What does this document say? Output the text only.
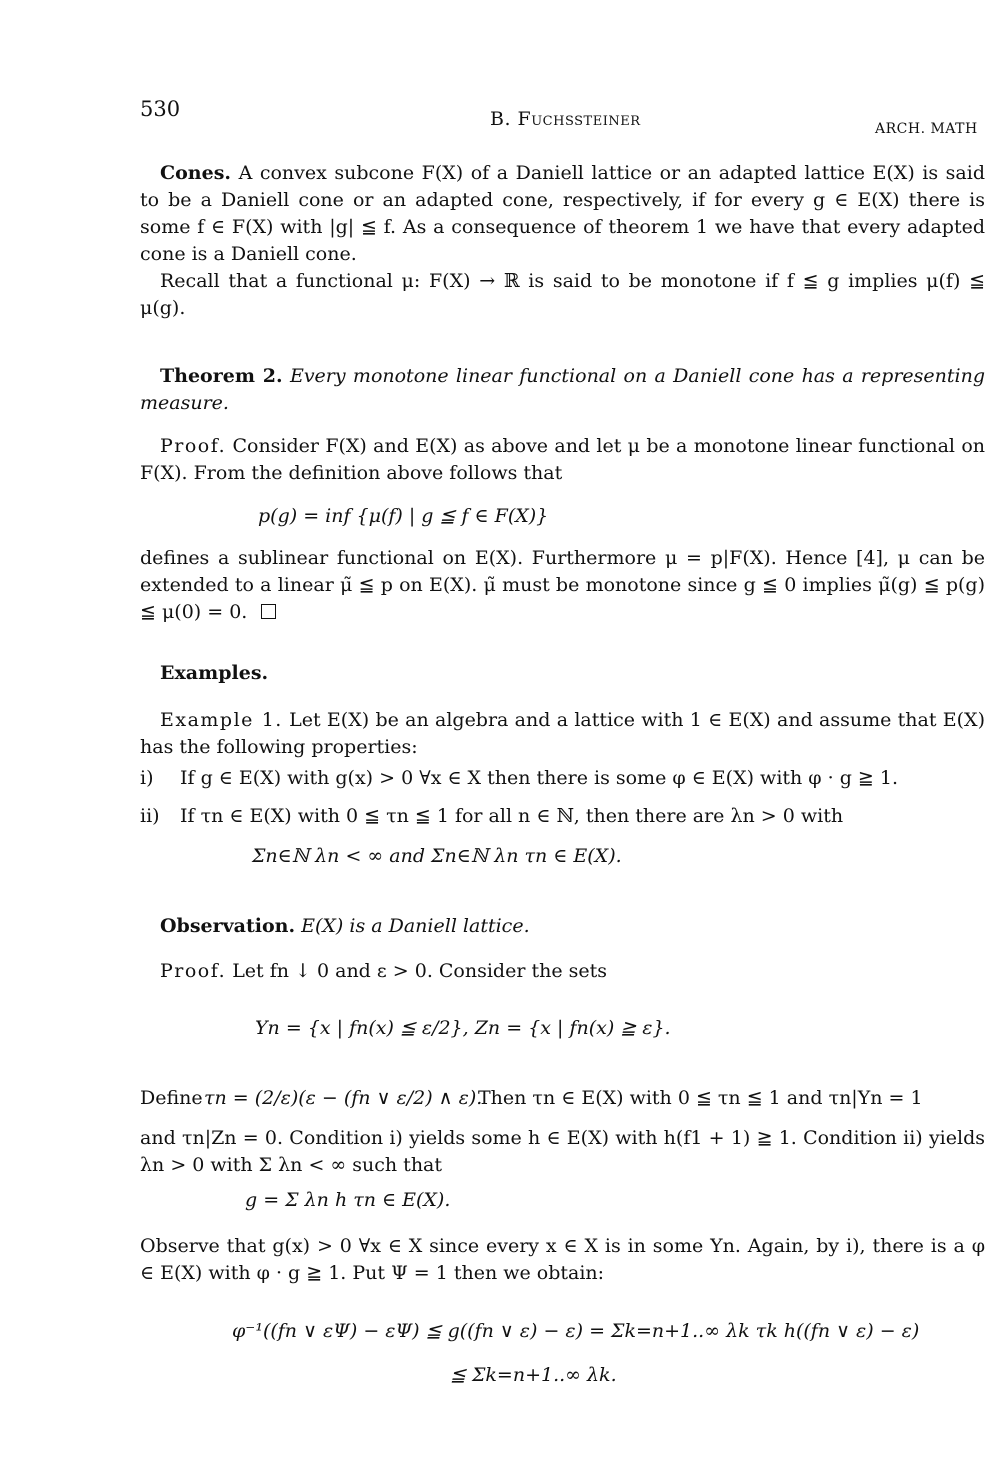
530	B. Fuchssteiner	ARCH. MATH

Cones. A convex subcone F(X) of a Daniell lattice or an adapted lattice E(X) is said to be a Daniell cone or an adapted cone, respectively, if for every g ∈ E(X) there is some f ∈ F(X) with |g| ≦ f. As a consequence of theorem 1 we have that every adapted cone is a Daniell cone.

Recall that a functional μ: F(X) → ℝ is said to be monotone if f ≦ g implies μ(f) ≦ μ(g).

Theorem 2. Every monotone linear functional on a Daniell cone has a representing measure.

Proof. Consider F(X) and E(X) as above and let μ be a monotone linear functional on F(X). From the definition above follows that

p(g) = inf {μ(f) | g ≦ f ∈ F(X)}

defines a sublinear functional on E(X). Furthermore μ = p|F(X). Hence [4], μ can be extended to a linear μ̃ ≦ p on E(X). μ̃ must be monotone since g ≦ 0 implies μ̃(g) ≦ p(g) ≦ μ(0) = 0.

Examples.

Example 1. Let E(X) be an algebra and a lattice with 1 ∈ E(X) and assume that E(X) has the following properties:

i) If g ∈ E(X) with g(x) > 0 ∀x ∈ X then there is some φ ∈ E(X) with φ · g ≧ 1.
ii) If τn ∈ E(X) with 0 ≦ τn ≦ 1 for all n ∈ ℕ, then there are λn > 0 with
Σn∈ℕ λn < ∞ and Σn∈ℕ λn τn ∈ E(X).

Observation. E(X) is a Daniell lattice.

Proof. Let fn ↓ 0 and ε > 0. Consider the sets

Yn = {x | fn(x) ≦ ε/2}, Zn = {x | fn(x) ≧ ε}.
Define τn = (2/ε)(ε − (fn ∨ ε/2) ∧ ε).
Then τn ∈ E(X) with 0 ≦ τn ≦ 1 and τn|Yn = 1

and τn|Zn = 0. Condition i) yields some h ∈ E(X) with h(f1 + 1) ≧ 1. Condition ii) yields λn > 0 with Σ λn < ∞ such that

g = Σ λn h τn ∈ E(X).

Observe that g(x) > 0 ∀x ∈ X since every x ∈ X is in some Yn. Again, by i), there is a φ ∈ E(X) with φ · g ≧ 1. Put Ψ = 1 then we obtain:

φ⁻¹((fn ∨ εΨ) − εΨ) ≦ g((fn ∨ ε) − ε) = Σk=n+1..∞ λk τk h((fn ∨ ε) − ε)
≦ Σk=n+1..∞ λk.
